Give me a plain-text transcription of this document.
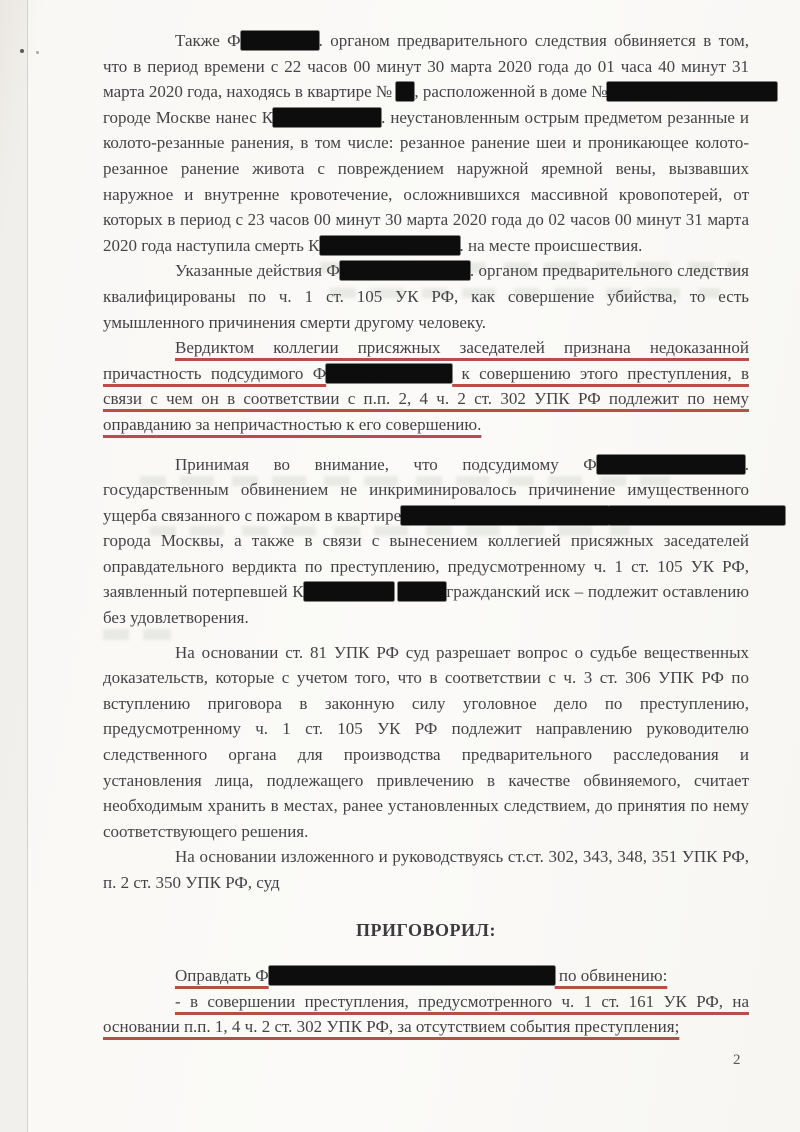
Также Ф	. органом предварительного следствия обвиняется в том, что в период времени с 22 часов 00 минут 30 марта 2020 года до 01 часа 40 минут 31 марта 2020 года, находясь в квартире № , расположенной в доме № городе Москве нанес К	. неустановленным острым предметом резанные и колото-резанные ранения, в том числе: резанное ранение шеи и проникающее колото-резанное ранение живота с повреждением наружной яремной вены, вызвавших наружное и внутренне кровотечение, осложнившихся массивной кровопотерей, от которых в период с 23 часов 00 минут 30 марта 2020 года до 02 часов 00 минут 31 марта 2020 года наступила смерть К	. на месте происшествия.

Указанные действия Ф	. органом предварительного следствия квалифицированы по ч. 1 ст. 105 УК РФ, как совершение убийства, то есть умышленного причинения смерти другому человеку.

Вердиктом коллегии присяжных заседателей признана недоказанной причастность подсудимого Ф	к совершению этого преступления, в связи с чем он в соответствии с п.п. 2, 4 ч. 2 ст. 302 УПК РФ подлежит по нему оправданию за непричастностью к его совершению.

Принимая во внимание, что подсудимому Ф	. государственным обвинением не инкриминировалось причинение имущественного ущерба связанного с пожаром в квартире города Москвы, а также в связи с вынесением коллегией присяжных заседателей оправдательного вердикта по преступлению, предусмотренному ч. 1 ст. 105 УК РФ, заявленный потерпевшей К	гражданский иск – подлежит оставлению без удовлетворения.

На основании ст. 81 УПК РФ суд разрешает вопрос о судьбе вещественных доказательств, которые с учетом того, что в соответствии с ч. 3 ст. 306 УПК РФ по вступлению приговора в законную силу уголовное дело по преступлению, предусмотренному ч. 1 ст. 105 УК РФ подлежит направлению руководителю следственного органа для производства предварительного расследования и установления лица, подлежащего привлечению в качестве обвиняемого, считает необходимым хранить в местах, ранее установленных следствием, до принятия по нему соответствующего решения.

На основании изложенного и руководствуясь ст.ст. 302, 343, 348, 351 УПК РФ, п. 2 ст. 350 УПК РФ, суд

ПРИГОВОРИЛ:

Оправдать Ф	по обвинению:

- в совершении преступления, предусмотренного ч. 1 ст. 161 УК РФ, на основании п.п. 1, 4 ч. 2 ст. 302 УПК РФ, за отсутствием события преступления;

2
